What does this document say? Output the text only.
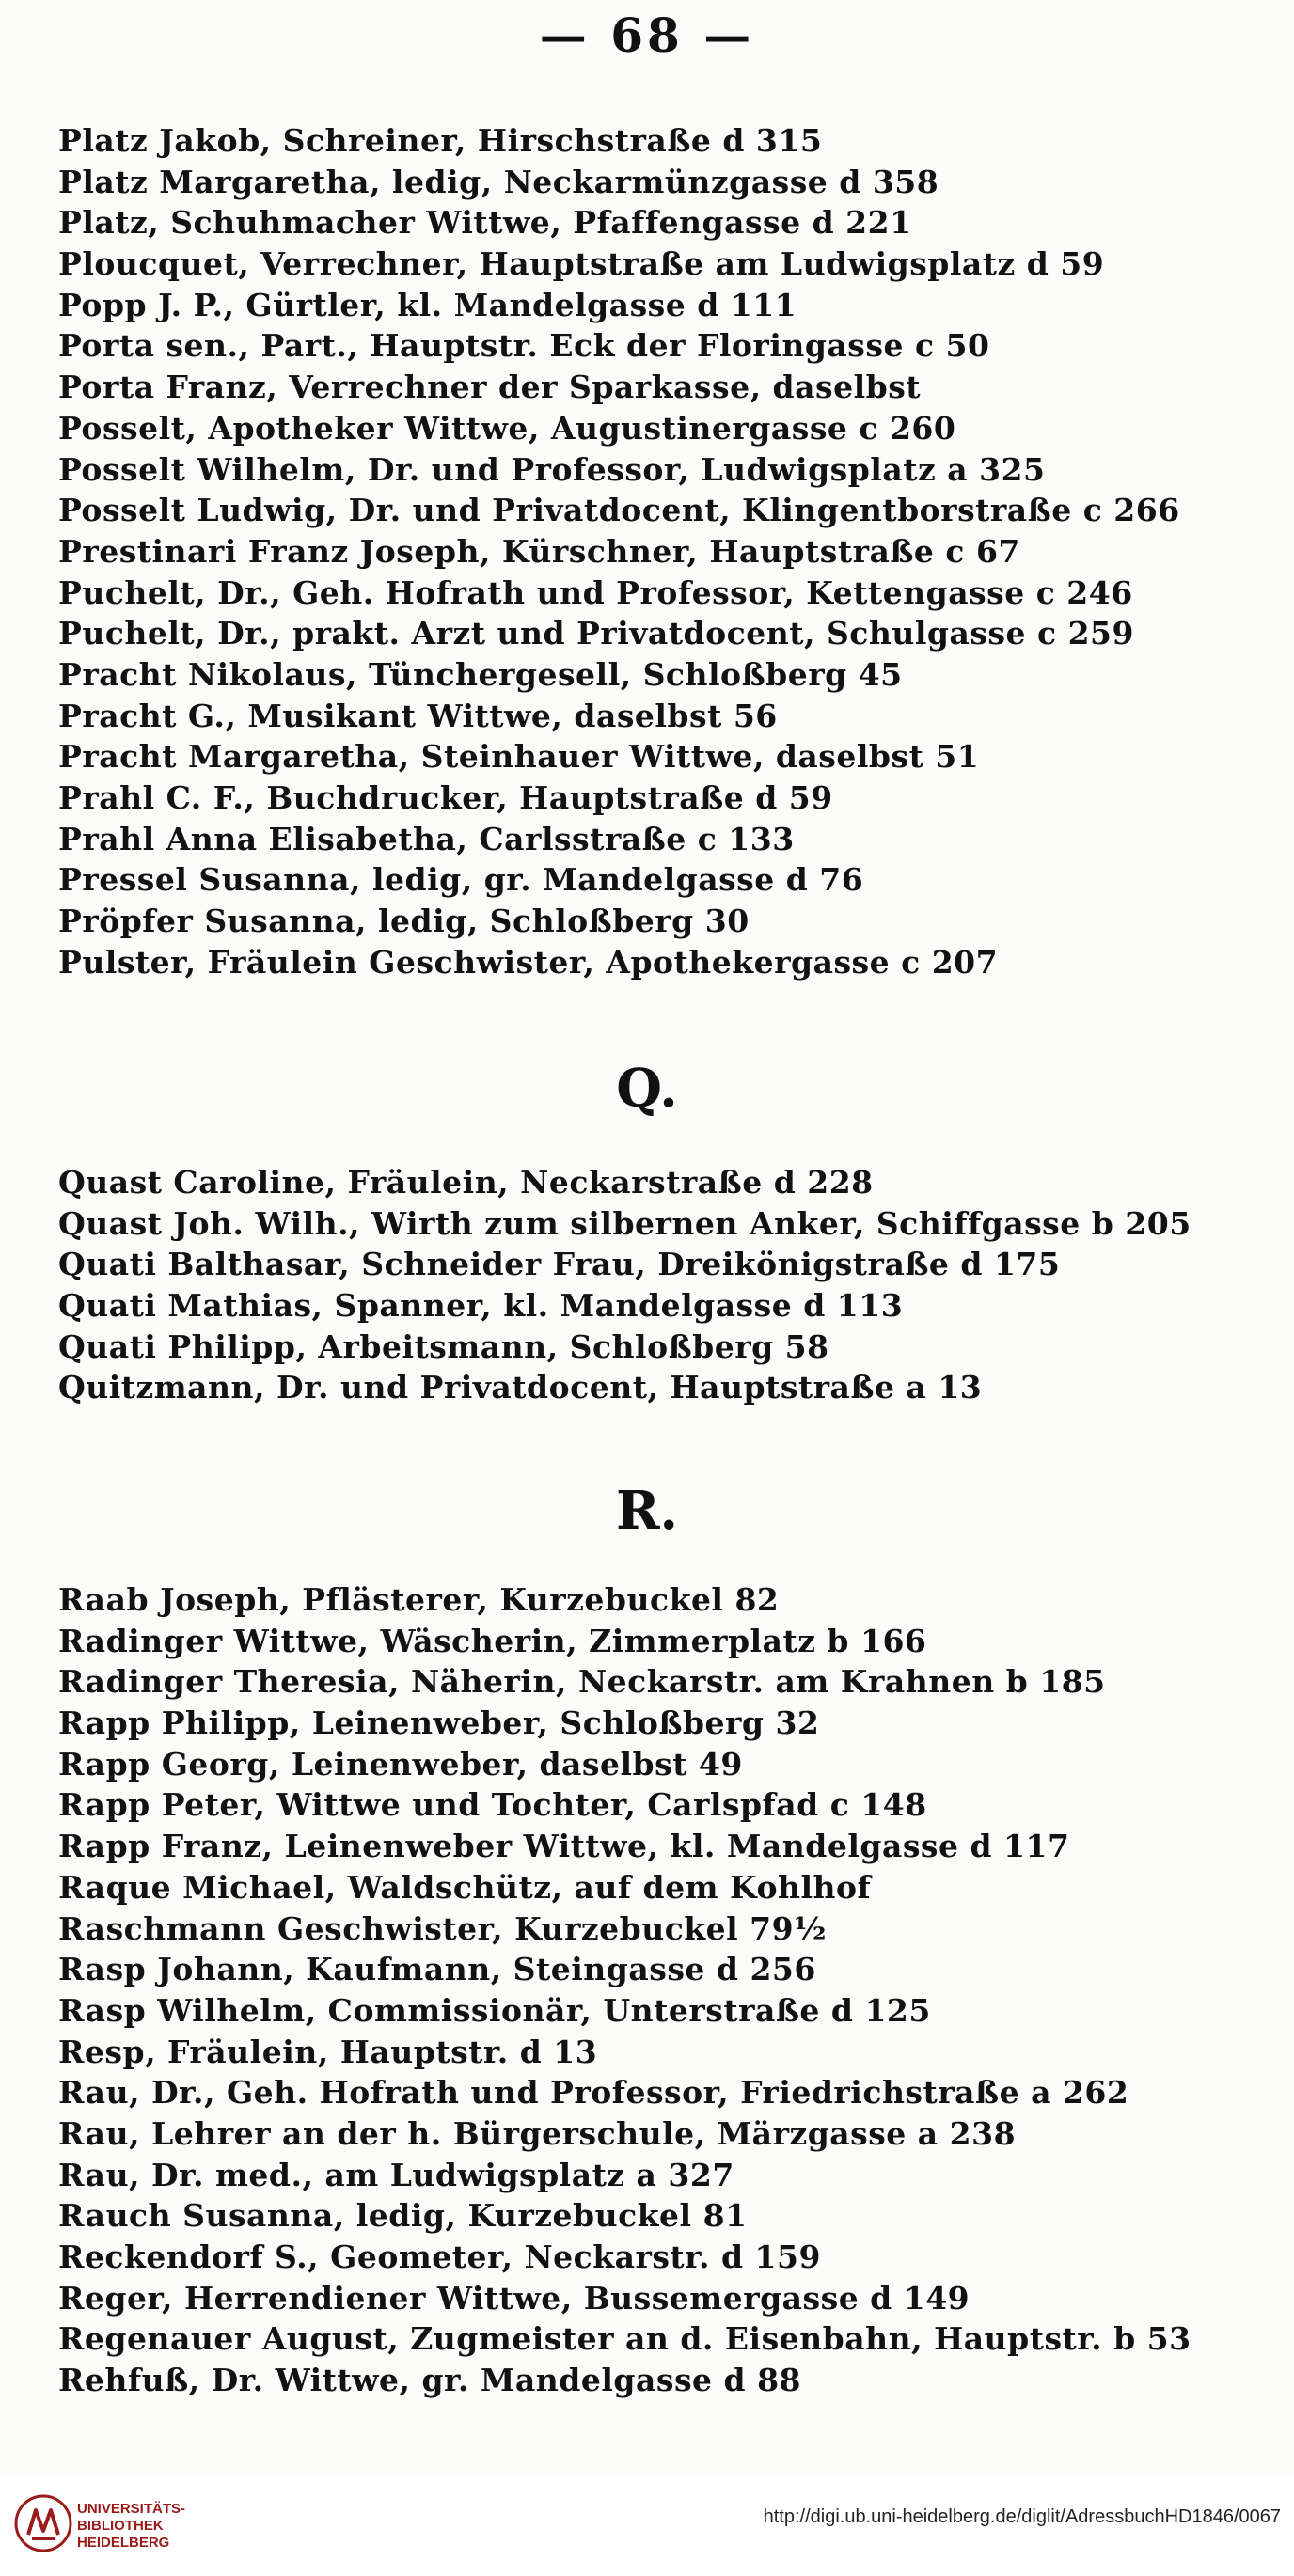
— 68 —
Platz Jakob, Schreiner, Hirschstraße d 315
Platz Margaretha, ledig, Neckarmünzgasse d 358
Platz, Schuhmacher Wittwe, Pfaffengasse d 221
Ploucquet, Verrechner, Hauptstraße am Ludwigsplatz d 59
Popp J. P., Gürtler, kl. Mandelgasse d 111
Porta sen., Part., Hauptstr. Eck der Floringasse c 50
Porta Franz, Verrechner der Sparkasse, daselbst
Posselt, Apotheker Wittwe, Augustinergasse c 260
Posselt Wilhelm, Dr. und Professor, Ludwigsplatz a 325
Posselt Ludwig, Dr. und Privatdocent, Klingentborstraße c 266
Prestinari Franz Joseph, Kürschner, Hauptstraße c 67
Puchelt, Dr., Geh. Hofrath und Professor, Kettengasse c 246
Puchelt, Dr., prakt. Arzt und Privatdocent, Schulgasse c 259
Pracht Nikolaus, Tünchergesell, Schloßberg 45
Pracht G., Musikant Wittwe, daselbst 56
Pracht Margaretha, Steinhauer Wittwe, daselbst 51
Prahl C. F., Buchdrucker, Hauptstraße d 59
Prahl Anna Elisabetha, Carlsstraße c 133
Pressel Susanna, ledig, gr. Mandelgasse d 76
Pröpfer Susanna, ledig, Schloßberg 30
Pulster, Fräulein Geschwister, Apothekergasse c 207
Q.
Quast Caroline, Fräulein, Neckarstraße d 228
Quast Joh. Wilh., Wirth zum silbernen Anker, Schiffgasse b 205
Quati Balthasar, Schneider Frau, Dreikönigstraße d 175
Quati Mathias, Spanner, kl. Mandelgasse d 113
Quati Philipp, Arbeitsmann, Schloßberg 58
Quitzmann, Dr. und Privatdocent, Hauptstraße a 13
R.
Raab Joseph, Pflästerer, Kurzebuckel 82
Radinger Wittwe, Wäscherin, Zimmerplatz b 166
Radinger Theresia, Näherin, Neckarstr. am Krahnen b 185
Rapp Philipp, Leinenweber, Schloßberg 32
Rapp Georg, Leinenweber, daselbst 49
Rapp Peter, Wittwe und Tochter, Carlspfad c 148
Rapp Franz, Leinenweber Wittwe, kl. Mandelgasse d 117
Raque Michael, Waldschütz, auf dem Kohlhof
Raschmann Geschwister, Kurzebuckel 79½
Rasp Johann, Kaufmann, Steingasse d 256
Rasp Wilhelm, Commissionär, Unterstraße d 125
Resp, Fräulein, Hauptstr. d 13
Rau, Dr., Geh. Hofrath und Professor, Friedrichstraße a 262
Rau, Lehrer an der h. Bürgerschule, Märzgasse a 238
Rau, Dr. med., am Ludwigsplatz a 327
Rauch Susanna, ledig, Kurzebuckel 81
Reckendorf S., Geometer, Neckarstr. d 159
Reger, Herrendiener Wittwe, Bussemergasse d 149
Regenauer August, Zugmeister an d. Eisenbahn, Hauptstr. b 53
Rehfuß, Dr. Wittwe, gr. Mandelgasse d 88
UNIVERSITÄTS-
BIBLIOTHEK
HEIDELBERG
http://digi.ub.uni-heidelberg.de/diglit/AdressbuchHD1846/0067
